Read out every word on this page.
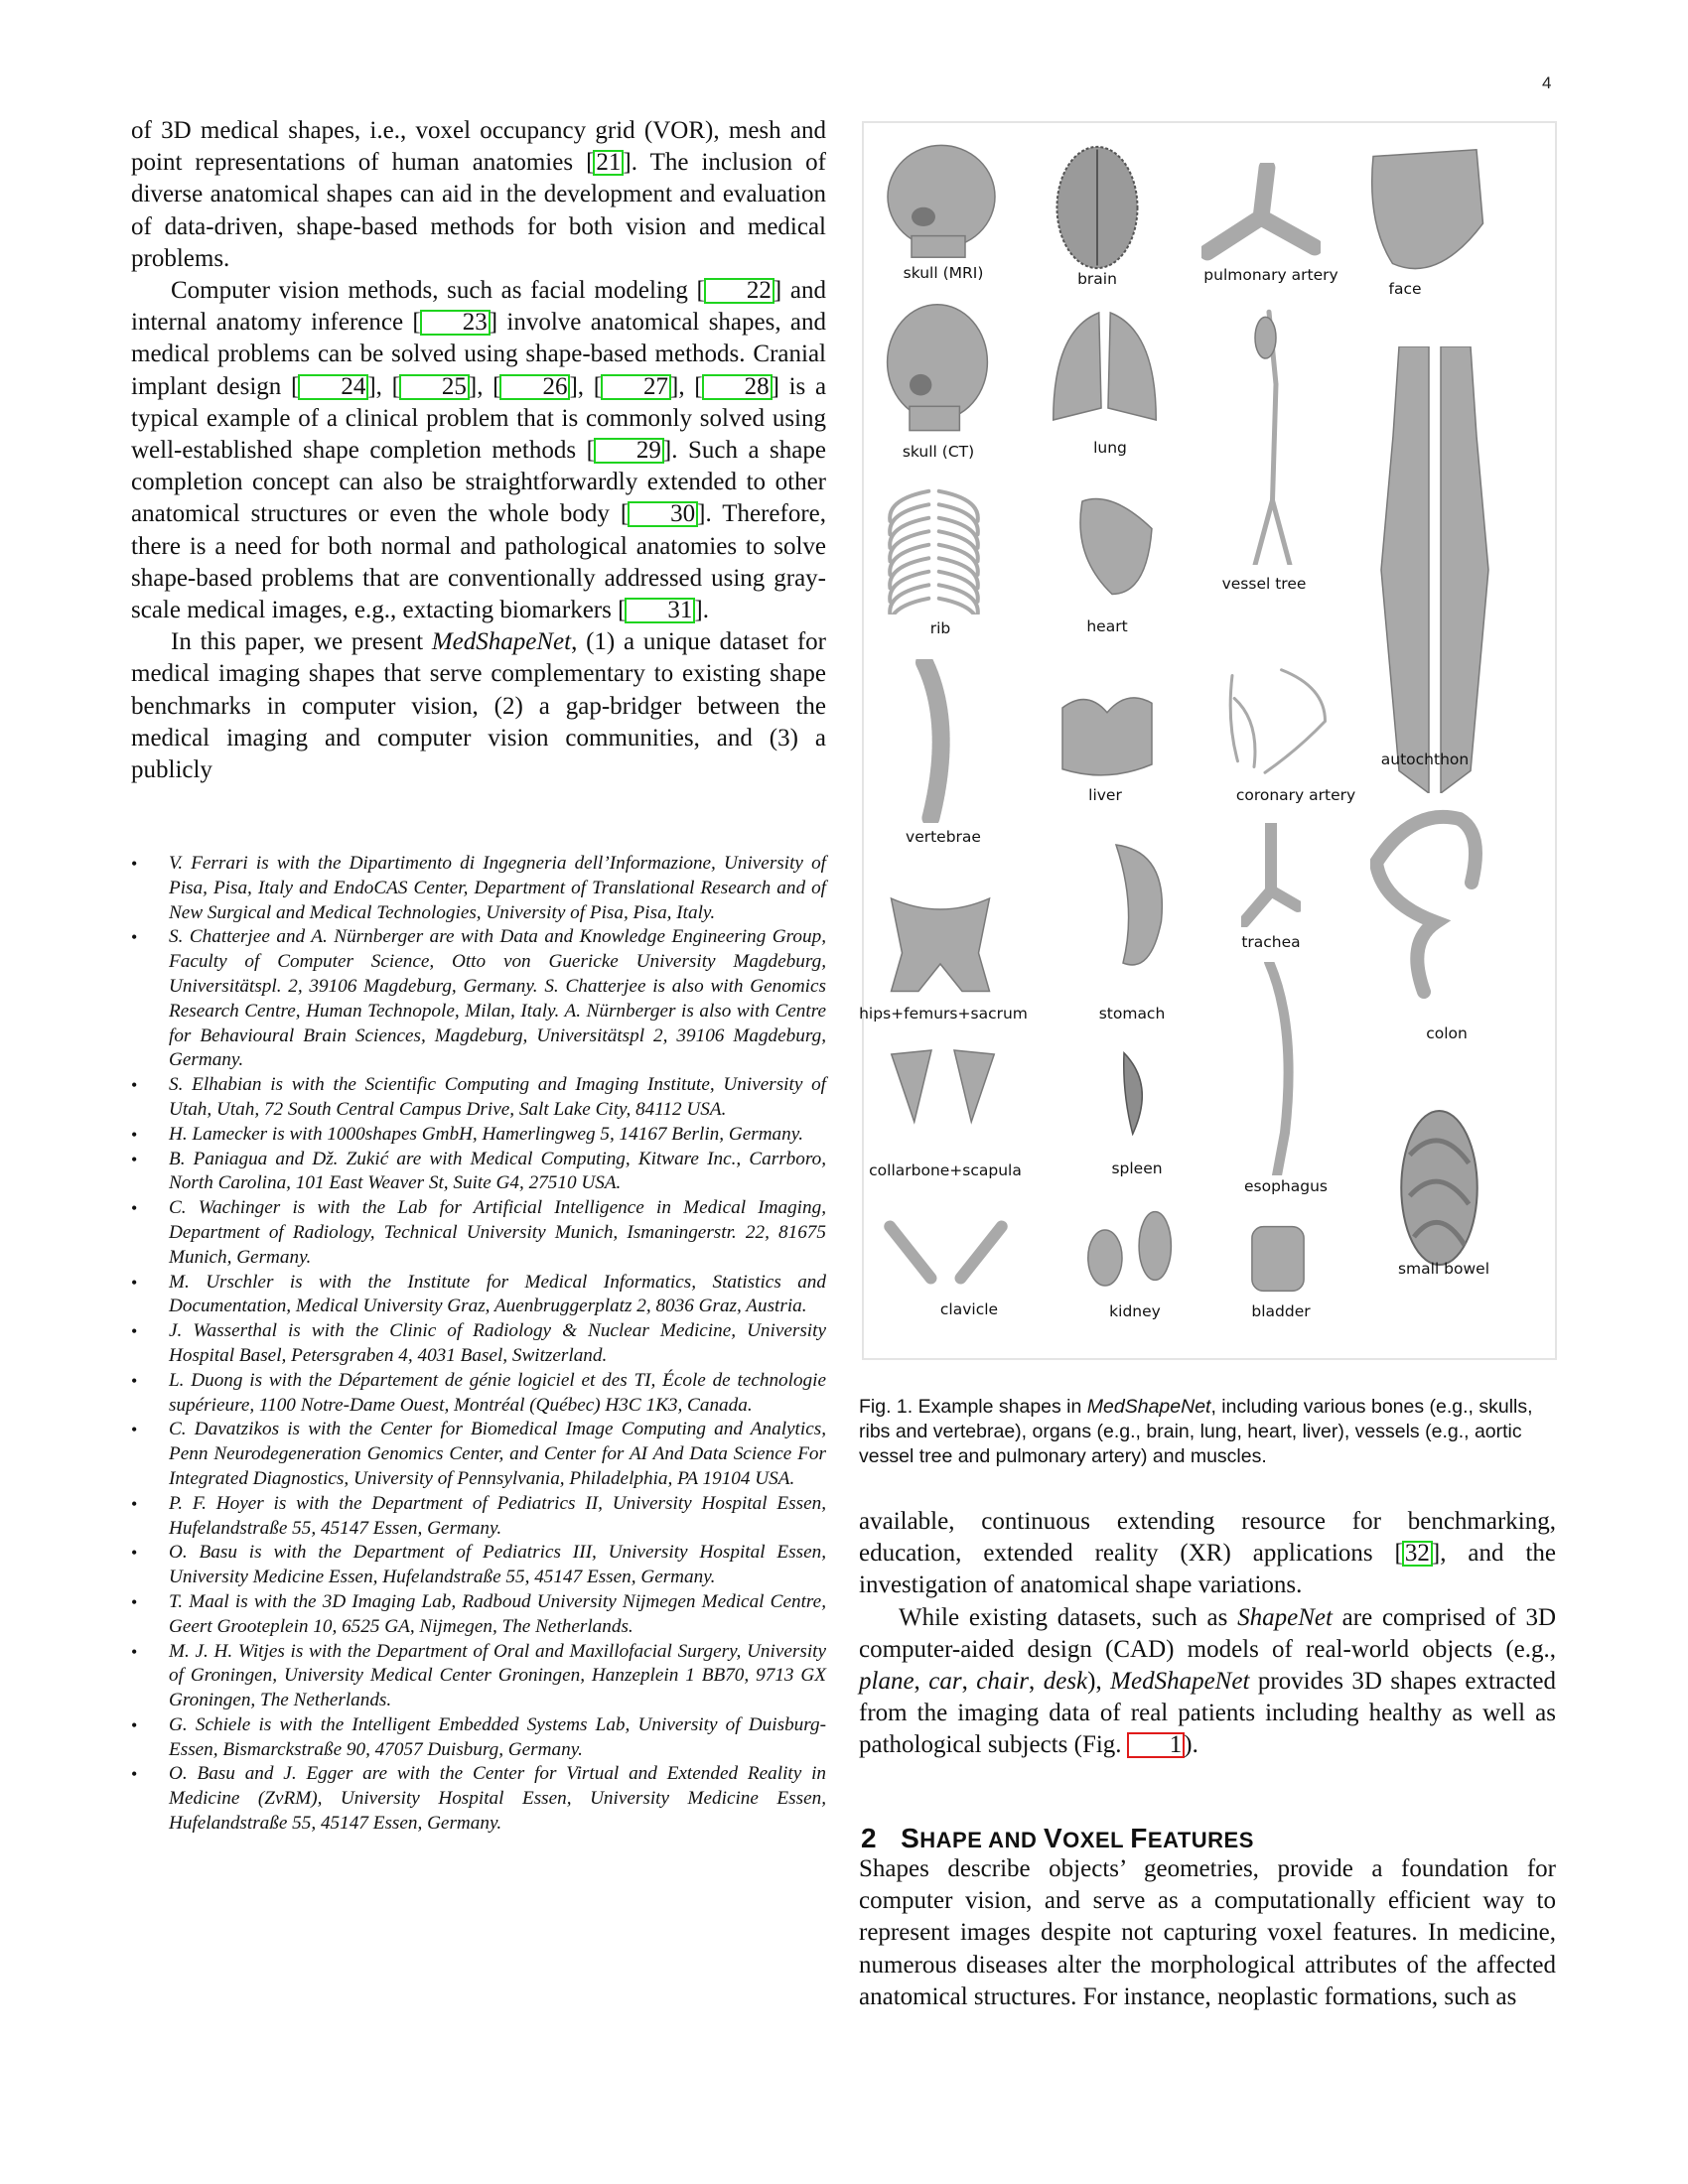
4

of 3D medical shapes, i.e., voxel occupancy grid (VOR), mesh and point representations of human anatomies [21]. The inclusion of diverse anatomical shapes can aid in the development and evaluation of data-driven, shape-based methods for both vision and medical problems.

Computer vision methods, such as facial modeling [ 22] and internal anatomy inference [ 23] involve anatomical shapes, and medical problems can be solved using shape-based methods. Cranial implant design [ 24], [ 25], [ 26], [ 27], [ 28] is a typical example of a clinical problem that is commonly solved using well-established shape completion methods [ 29]. Such a shape completion concept can also be straightforwardly extended to other anatomical structures or even the whole body [ 30]. Therefore, there is a need for both normal and pathological anatomies to solve shape-based problems that are conventionally addressed using gray-scale medical images, e.g., extacting biomarkers [ 31].

In this paper, we present MedShapeNet, (1) a unique dataset for medical imaging shapes that serve complementary to existing shape benchmarks in computer vision, (2) a gap-bridger between the medical imaging and computer vision communities, and (3) a publicly

• V. Ferrari is with the Dipartimento di Ingegneria dell’Informazione, University of Pisa, Pisa, Italy and EndoCAS Center, Department of Translational Research and of New Surgical and Medical Technologies, University of Pisa, Pisa, Italy.
• S. Chatterjee and A. Nürnberger are with Data and Knowledge Engineering Group, Faculty of Computer Science, Otto von Guericke University Magdeburg, Universitätspl. 2, 39106 Magdeburg, Germany. S. Chatterjee is also with Genomics Research Centre, Human Technopole, Milan, Italy. A. Nürnberger is also with Centre for Behavioural Brain Sciences, Magdeburg, Universitätspl 2, 39106 Magdeburg, Germany.
• S. Elhabian is with the Scientific Computing and Imaging Institute, University of Utah, Utah, 72 South Central Campus Drive, Salt Lake City, 84112 USA.
• H. Lamecker is with 1000shapes GmbH, Hamerlingweg 5, 14167 Berlin, Germany.
• B. Paniagua and Dž. Zukić are with Medical Computing, Kitware Inc., Carrboro, North Carolina, 101 East Weaver St, Suite G4, 27510 USA.
• C. Wachinger is with the Lab for Artificial Intelligence in Medical Imaging, Department of Radiology, Technical University Munich, Ismaningerstr. 22, 81675 Munich, Germany.
• M. Urschler is with the Institute for Medical Informatics, Statistics and Documentation, Medical University Graz, Auenbruggerplatz 2, 8036 Graz, Austria.
• J. Wasserthal is with the Clinic of Radiology & Nuclear Medicine, University Hospital Basel, Petersgraben 4, 4031 Basel, Switzerland.
• L. Duong is with the Département de génie logiciel et des TI, École de technologie supérieure, 1100 Notre-Dame Ouest, Montréal (Québec) H3C 1K3, Canada.
• C. Davatzikos is with the Center for Biomedical Image Computing and Analytics, Penn Neurodegeneration Genomics Center, and Center for AI And Data Science For Integrated Diagnostics, University of Pennsylvania, Philadelphia, PA 19104 USA.
• P. F. Hoyer is with the Department of Pediatrics II, University Hospital Essen, Hufelandstraße 55, 45147 Essen, Germany.
• O. Basu is with the Department of Pediatrics III, University Hospital Essen, University Medicine Essen, Hufelandstraße 55, 45147 Essen, Germany.
• T. Maal is with the 3D Imaging Lab, Radboud University Nijmegen Medical Centre, Geert Grooteplein 10, 6525 GA, Nijmegen, The Netherlands.
• M. J. H. Witjes is with the Department of Oral and Maxillofacial Surgery, University of Groningen, University Medical Center Groningen, Hanzeplein 1 BB70, 9713 GX Groningen, The Netherlands.
• G. Schiele is with the Intelligent Embedded Systems Lab, University of Duisburg-Essen, Bismarckstraße 90, 47057 Duisburg, Germany.
• O. Basu and J. Egger are with the Center for Virtual and Extended Reality in Medicine (ZvRM), University Hospital Essen, University Medicine Essen, Hufelandstraße 55, 45147 Essen, Germany.
skull (MRI)	brain	pulmonary artery
face
skull (CT)	lung
vessel tree
autochthon
rib	heart
vertebrae
liver	coronary artery
colon
hips+femurs+sacrum	stomach
trachea
esophagus
collarbone+scapula	spleen
small bowel
clavicle	kidney	bladder
Fig. 1. Example shapes in MedShapeNet, including various bones (e.g., skulls, ribs and vertebrae), organs (e.g., brain, lung, heart, liver), vessels (e.g., aortic vessel tree and pulmonary artery) and muscles.

available, continuous extending resource for benchmarking, education, extended reality (XR) applications [32], and the investigation of anatomical shape variations.

While existing datasets, such as ShapeNet are comprised of 3D computer-aided design (CAD) models of real-world objects (e.g., plane, car, chair, desk), MedShapeNet provides 3D shapes extracted from the imaging data of real patients including healthy as well as pathological subjects (Fig. 1).

2 SHAPE AND VOXEL FEATURES

Shapes describe objects’ geometries, provide a foundation for computer vision, and serve as a computationally efficient way to represent images despite not capturing voxel features. In medicine, numerous diseases alter the morphological attributes of the affected anatomical structures. For instance, neoplastic formations, such as
